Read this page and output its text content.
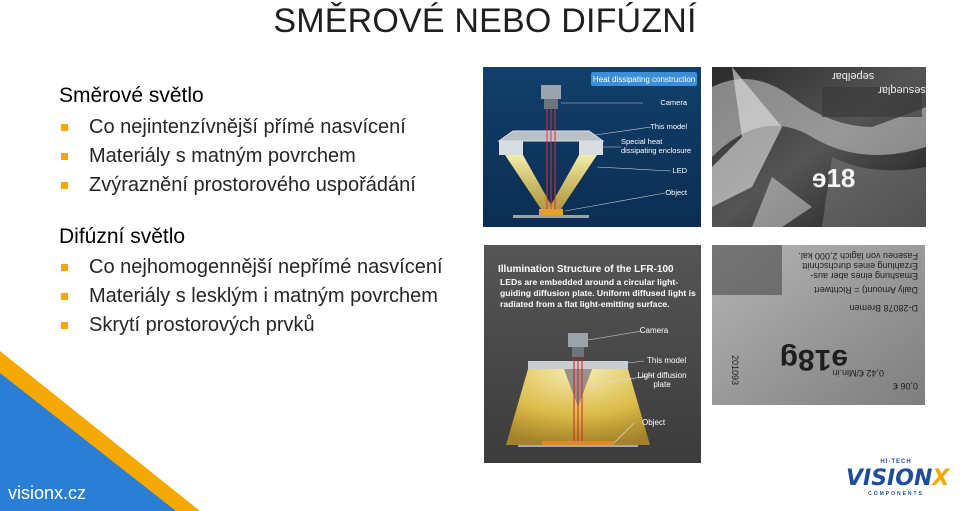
SMĚROVÉ NEBO DIFÚZNÍ
Směrové světlo
Co nejintenzívnější přímé nasvícení
Materiály s matným povrchem
Zvýraznění prostorového uspořádání
Difúzní světlo
Co nejhomogennější nepřímé nasvícení
Materiály s lesklým i matným povrchem
Skrytí prostorových prvků
Heat dissipating construction
Camera
This model
Special heat dissipating enclosure
LED
Object
sepelbar
sesueqlar
ɘ18
Illumination Structure of the LFR-100
LEDs are embedded around a circular light-guiding diffusion plate. Uniform diffused light is radiated from a flat light-emitting surface.
Camera
This model
Light diffusion plate
Object
Faseneu von lägich 2,000 kal.
Erzahlung eines durchschnitt
Emashung eines aber aus-
Daily Amount) = Richtwert
D-28078 Bremen
ɘ18g
0,42 €/Min.in
0,06 €
201093
visionx.cz
HI-TECH
VISIONX
COMPONENTS
